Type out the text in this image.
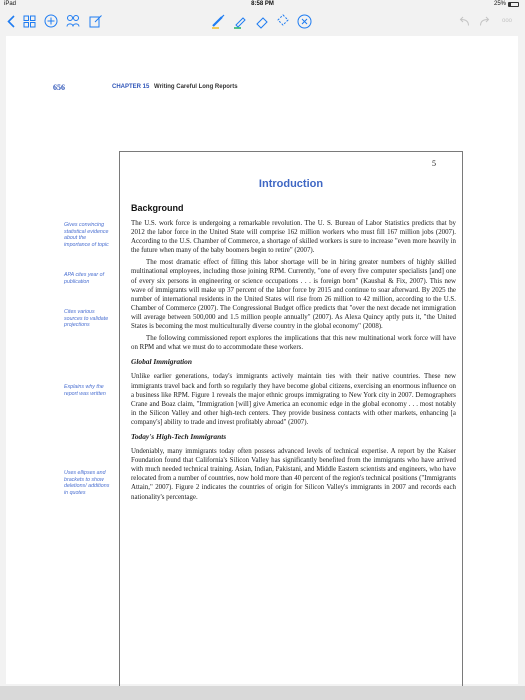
iPad	8:58 PM	25%
ooo
656	CHAPTER 15 Writing Careful Long Reports
Gives convincing statistical evidence about the importance of topic
APA cites year of publication
Cites various sources to validate projections
Explains why the report was written
Uses ellipses and brackets to show deletions/ additions in quotes
5
Introduction
Background

The U.S. work force is undergoing a remarkable revolution. The U. S. Bureau of Labor Statistics predicts that by 2012 the labor force in the United State will comprise 162 million workers who must fill 167 million jobs (2007). According to the U.S. Chamber of Commerce, a shortage of skilled workers is sure to increase "even more heavily in the future when many of the baby boomers begin to retire" (2007).

The most dramatic effect of filling this labor shortage will be in hiring greater numbers of highly skilled multinational employees, including those joining RPM. Currently, "one of every five computer specialists [and] one of every six persons in engineering or science occupations . . . is foreign born" (Kaushal & Fix, 2007). This new wave of immigrants will make up 37 percent of the labor force by 2015 and continue to soar afterward. By 2025 the number of international residents in the United States will rise from 26 million to 42 million, according to the U.S. Chamber of Commerce (2007). The Congressional Budget office predicts that "over the next decade net immigration will average between 500,000 and 1.5 million people annually" (2007). As Alexa Quincy aptly puts it, "the United States is becoming the most multiculturally diverse country in the global economy" (2008).

The following commissioned report explores the implications that this new multinational work force will have on RPM and what we must do to accommodate these workers.

Global Immigration

Unlike earlier generations, today's immigrants actively maintain ties with their native countries. These new immigrants travel back and forth so regularly they have become global citizens, exercising an enormous influence on a business like RPM. Figure 1 reveals the major ethnic groups immigrating to New York city in 2007. Demographers Crane and Boaz claim, "Immigration [will] give America an economic edge in the global economy . . . most notably in the Silicon Valley and other high-tech centers. They provide business contacts with other markets, enhancing [a company's] ability to trade and invest profitably abroad" (2007).

Today's High-Tech Immigrants

Undeniably, many immigrants today often possess advanced levels of technical expertise. A report by the Kaiser Foundation found that California's Silicon Valley has significantly benefited from the immigrants who have arrived with much needed technical training. Asian, Indian, Pakistani, and Middle Eastern scientists and engineers, who have relocated from a number of countries, now hold more than 40 percent of the region's technical positions ("Immigrants Attain," 2007). Figure 2 indicates the countries of origin for Silicon Valley's immigrants in 2007 and records each nationality's percentage.
